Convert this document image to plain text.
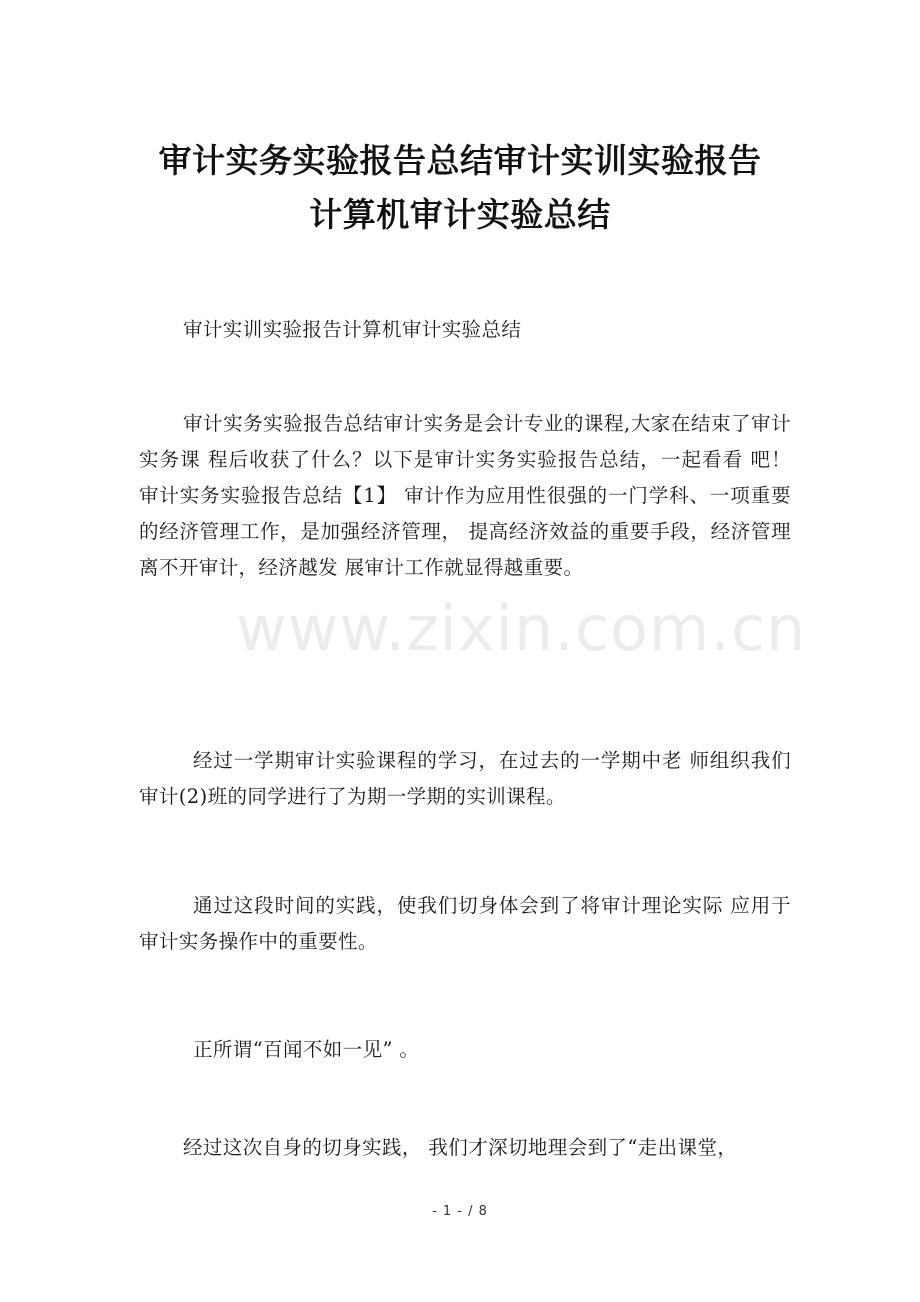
审计实务实验报告总结审计实训实验报告
计算机审计实验总结

审计实训实验报告计算机审计实验总结

审计实务实验报告总结审计实务是会计专业的课程,大家在结束了审计实务课 程后收获了什么？以下是审计实务实验报告总结，一起看看 吧！ 审计实务实验报告总结【1】 审计作为应用性很强的一门学科、一项重要的经济管理工作，是加强经济管理， 提高经济效益的重要手段，经济管理离不开审计，经济越发 展审计工作就显得越重要。

经过一学期审计实验课程的学习，在过去的一学期中老 师组织我们审计(2)班的同学进行了为期一学期的实训课程。

通过这段时间的实践，使我们切身体会到了将审计理论实际 应用于审计实务操作中的重要性。

正所谓“百闻不如一见” 。

经过这次自身的切身实践， 我们才深切地理会到了“走出课堂，

www.zixin.com.cn
- 1 - / 8
